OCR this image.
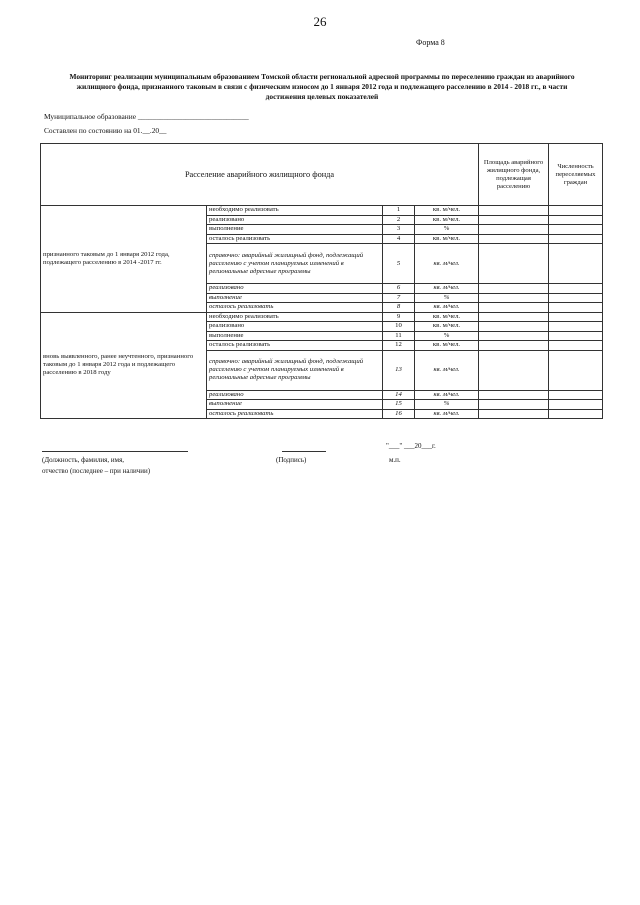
26
Форма 8
Мониторинг реализации муниципальным образованием Томской области региональной адресной программы по переселению граждан из аварийного
жилищного фонда, признанного таковым в связи с физическим износом до 1 января 2012 года и подлежащего расселению в 2014 - 2018 гг., в части
достижения целевых показателей
Муниципальное образование ______________________________
Составлен по состоянию на 01.__.20__
Расселение аварийного жилищного фонда				Площадь аварийного жилищного фонда, подлежащая расселению	Численность переселяемых граждан
признанного таковым до 1 января 2012 года, подлежащего расселению в 2014 -2017 гг.	необходимо реализовать	1	кв. м/чел.		
	реализовано	2	кв. м/чел.		
	выполнение	3	%		
	осталось реализовать	4	кв. м/чел.		
	справочно: аварийный жилищный фонд, подлежащий расселению с учетом планируемых изменений в региональные адресные программы	5	кв. м/чел.		
	реализовано	6	кв. м/чел.		
	выполнение	7	%		
	осталось реализовать	8	кв. м/чел.		
вновь выявленного, ранее неучтенного, признанного таковым до 1 января 2012 года и подлежащего расселению в 2018 году	необходимо реализовать	9	кв. м/чел.		
	реализовано	10	кв. м/чел.		
	выполнение	11	%		
	осталось реализовать	12	кв. м/чел.		
	справочно: аварийный жилищный фонд, подлежащий расселению с учетом планируемых изменений в региональные адресные программы	13	кв. м/чел.		
	реализовано	14	кв. м/чел.		
	выполнение	15	%		
	осталось реализовать	16	кв. м/чел.		
"___" ___20___г.
(Должность, фамилия, имя,
отчество (последнее – при наличии)
(Подпись)	м.п.
